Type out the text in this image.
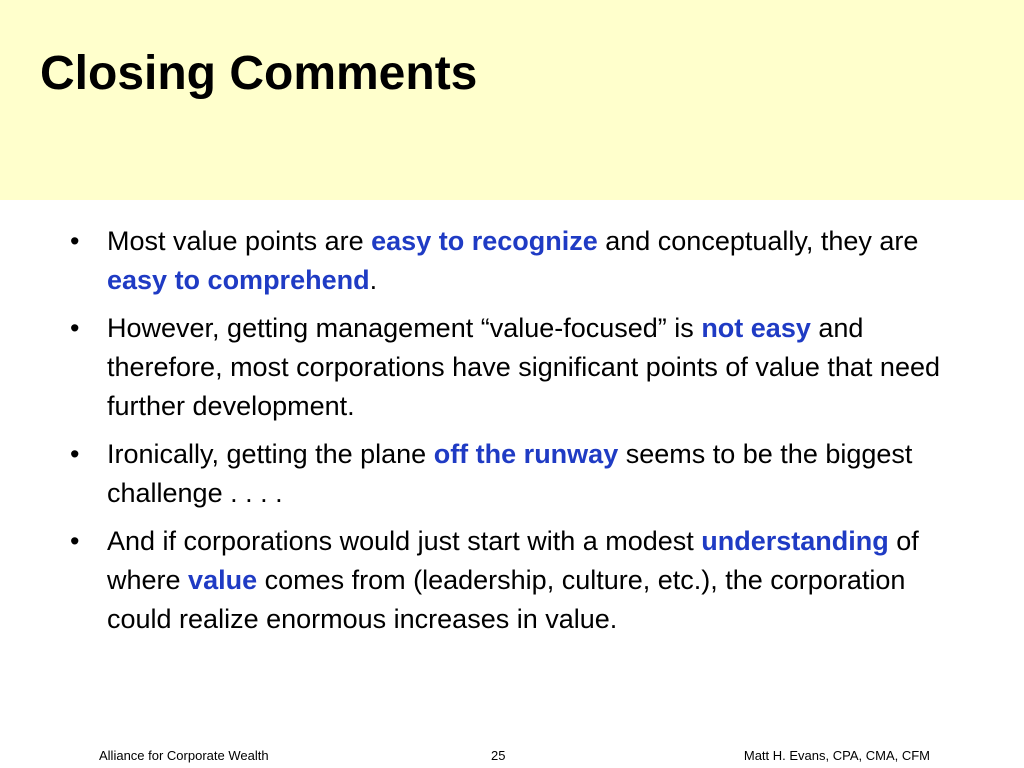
Closing Comments
• Most value points are easy to recognize and conceptually, they are easy to comprehend.
• However, getting management “value-focused” is not easy and therefore, most corporations have significant points of value that need further development.
• Ironically, getting the plane off the runway seems to be the biggest challenge . . . .
• And if corporations would just start with a modest understanding of where value comes from (leadership, culture, etc.), the corporation could realize enormous increases in value.
Alliance for Corporate Wealth	25	Matt H. Evans, CPA, CMA, CFM
